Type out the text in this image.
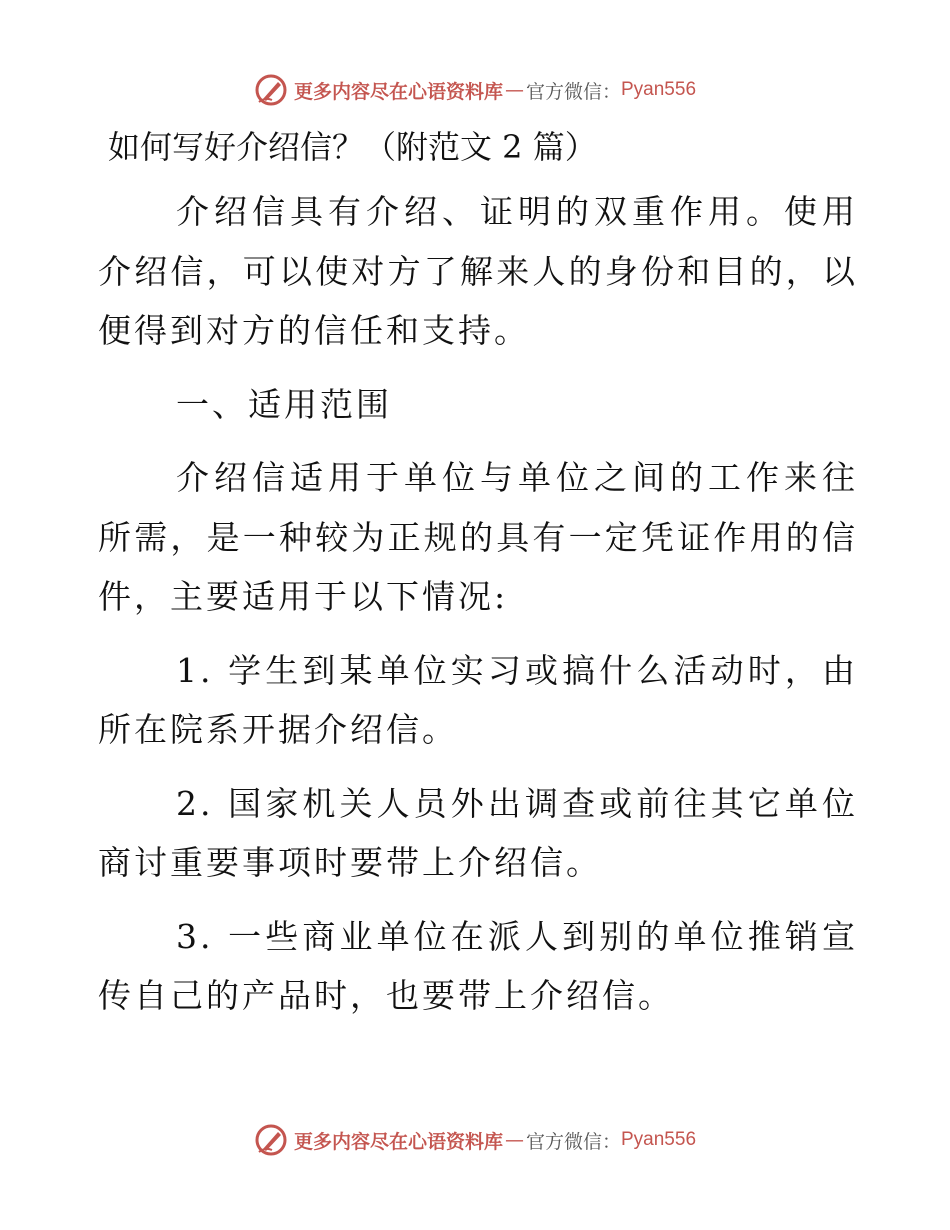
更多内容尽在心语资料库 — 官方微信： Pyan556
如何写好介绍信？（附范文 2 篇）

介绍信具有介绍、证明的双重作用。使用介绍信，可以使对方了解来人的身份和目的，以便得到对方的信任和支持。

一、适用范围

介绍信适用于单位与单位之间的工作来往所需，是一种较为正规的具有一定凭证作用的信件，主要适用于以下情况:

1. 学生到某单位实习或搞什么活动时，由所在院系开据介绍信。

2. 国家机关人员外出调查或前往其它单位商讨重要事项时要带上介绍信。

3. 一些商业单位在派人到别的单位推销宣传自己的产品时，也要带上介绍信。

更多内容尽在心语资料库 — 官方微信： Pyan556
